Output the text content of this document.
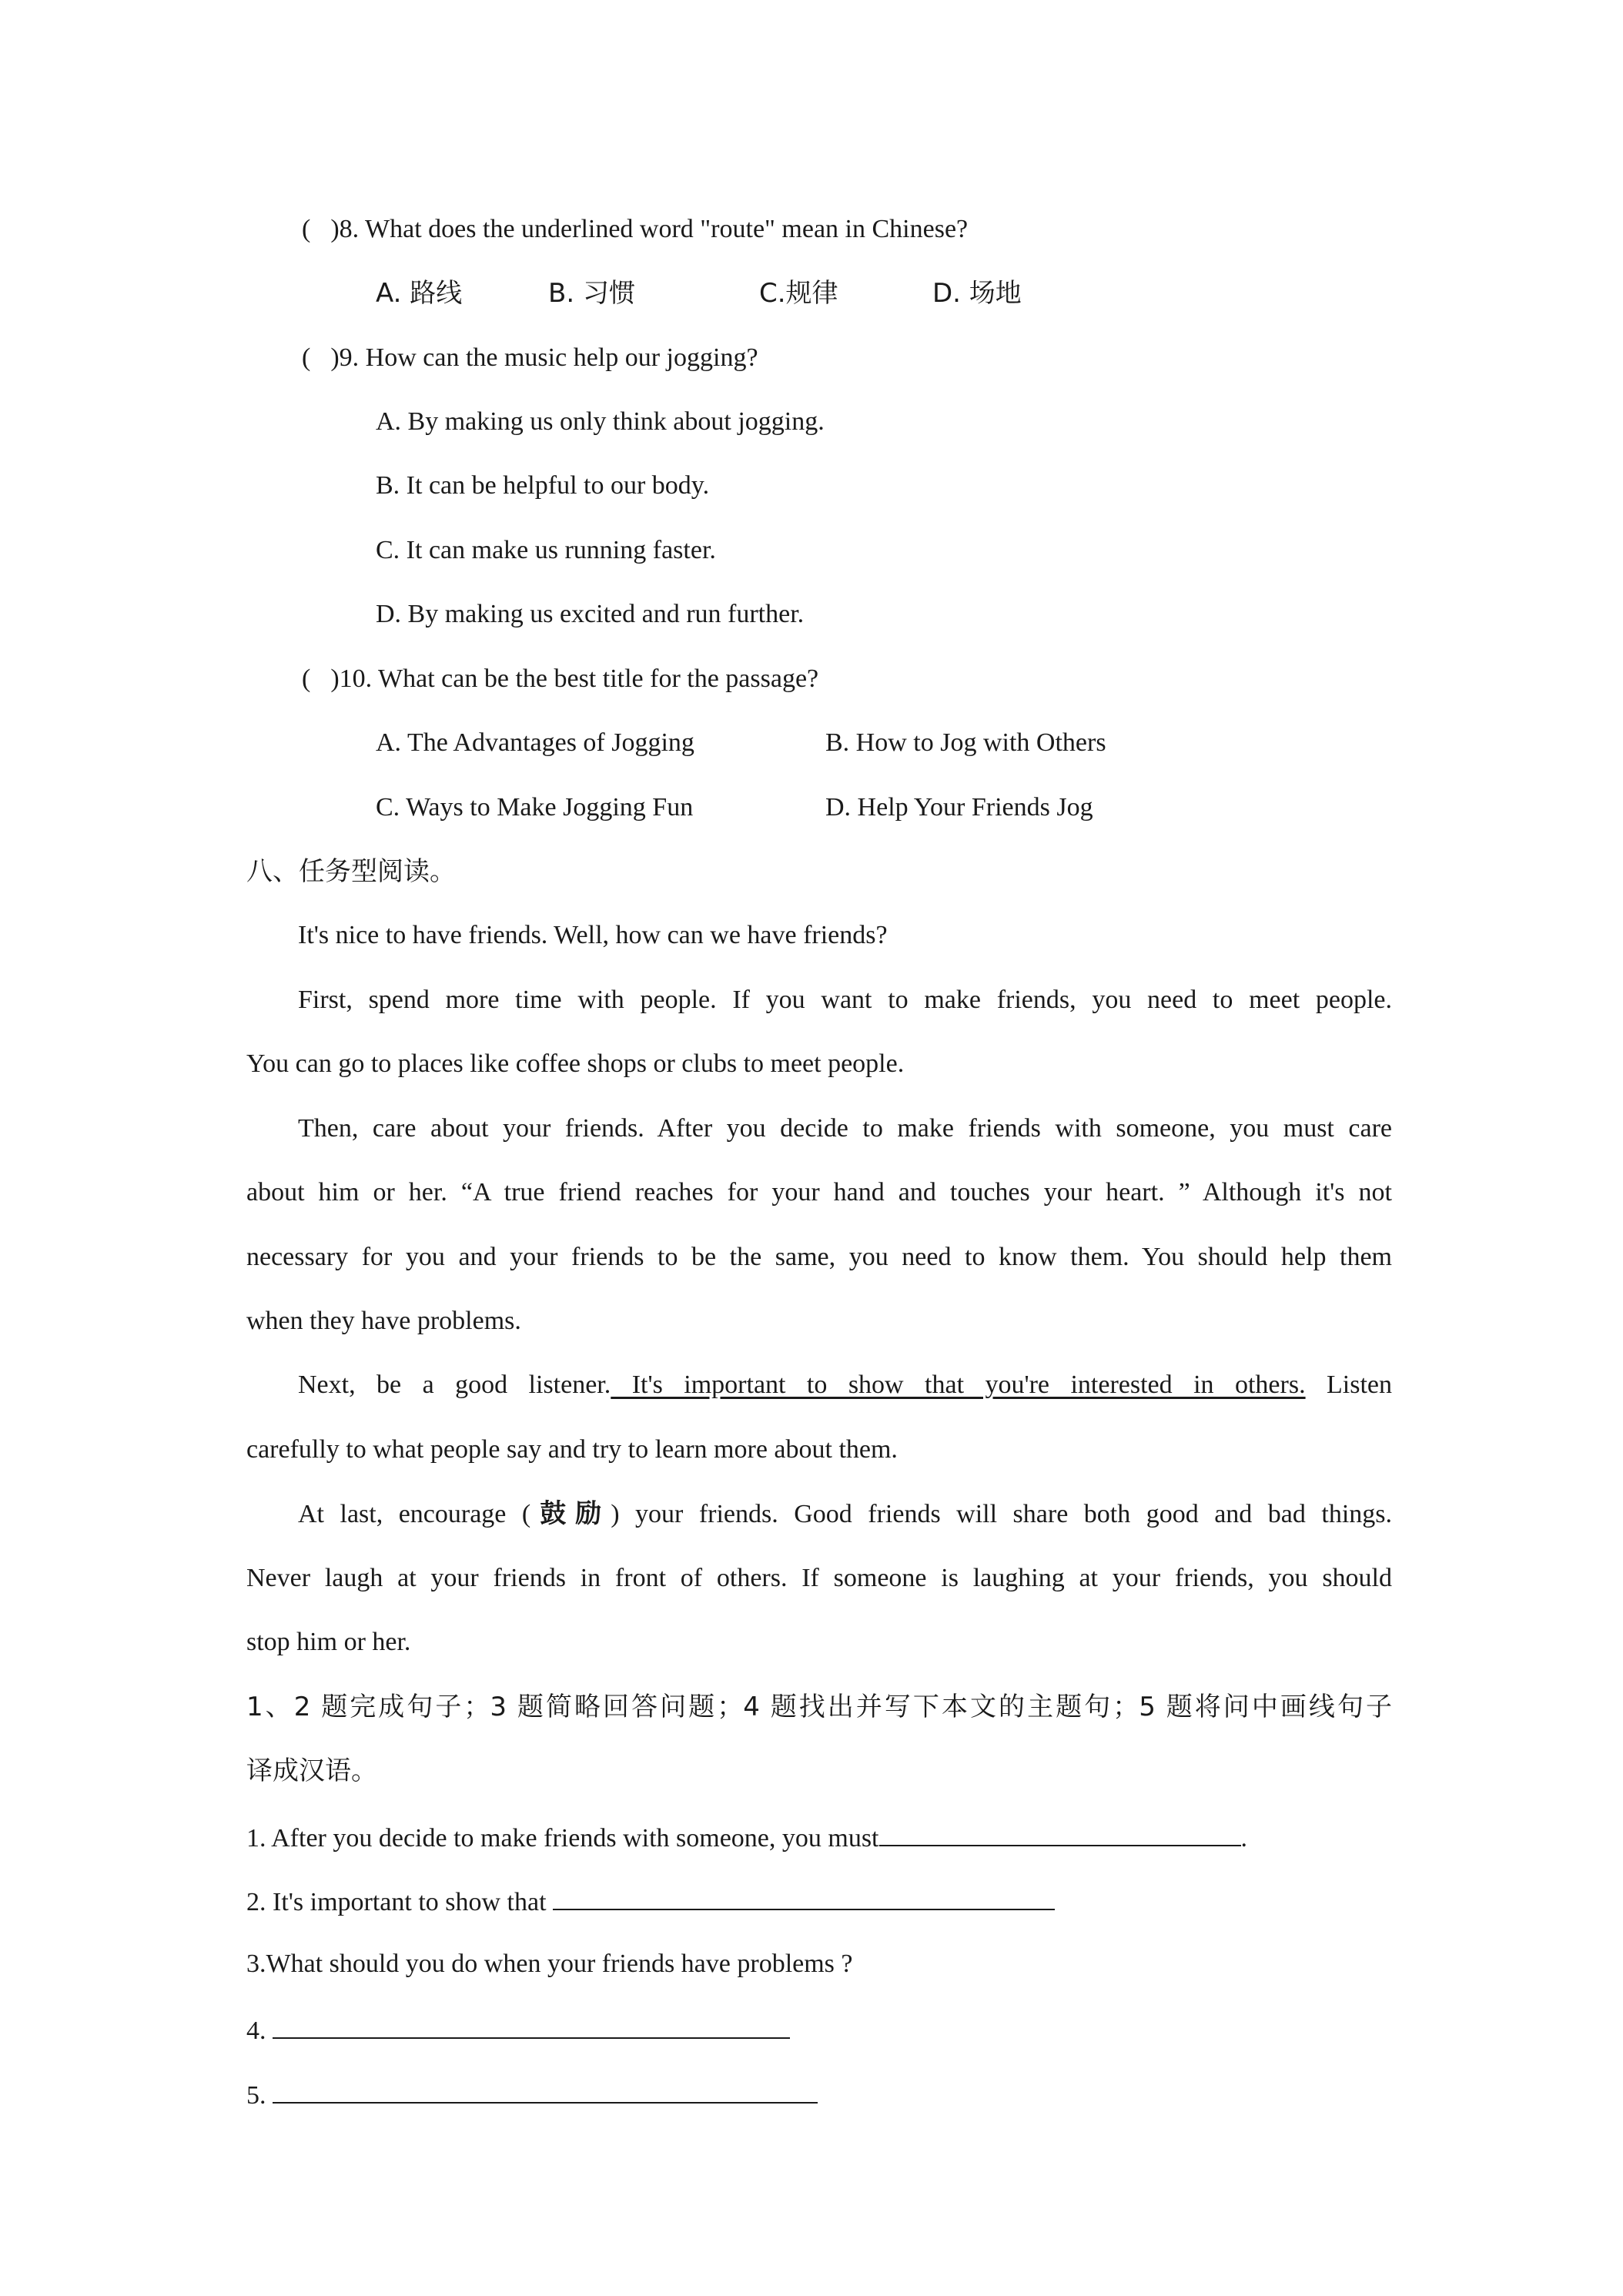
( )8. What does the underlined word "route" mean in Chinese?
A. 路线	B. 习惯	C.规律	D. 场地
( )9. How can the music help our jogging?
A. By making us only think about jogging.
B. It can be helpful to our body.
C. It can make us running faster.
D. By making us excited and run further.
( )10. What can be the best title for the passage?
A. The Advantages of Jogging	B. How to Jog with Others
C. Ways to Make Jogging Fun	D. Help Your Friends Jog
八、任务型阅读。
It's nice to have friends. Well, how can we have friends?
First, spend more time with people. If you want to make friends, you need to meet people.
You can go to places like coffee shops or clubs to meet people.
Then, care about your friends. After you decide to make friends with someone, you must care
about him or her. “A true friend reaches for your hand and touches your heart. ” Although it's not
necessary for you and your friends to be the same, you need to know them. You should help them
when they have problems.
Next, be a good listener. It's important to show that you're interested in others. Listen
carefully to what people say and try to learn more about them.
At last, encourage (鼓励) your friends. Good friends will share both good and bad things.
Never laugh at your friends in front of others. If someone is laughing at your friends, you should
stop him or her.
1、2 题完成句子；3 题简略回答问题；4 题找出并写下本文的主题句；5 题将问中画线句子
译成汉语。
1. After you decide to make friends with someone, you must	.
2. It's important to show that
3.What should you do when your friends have problems ?
4.
5.
